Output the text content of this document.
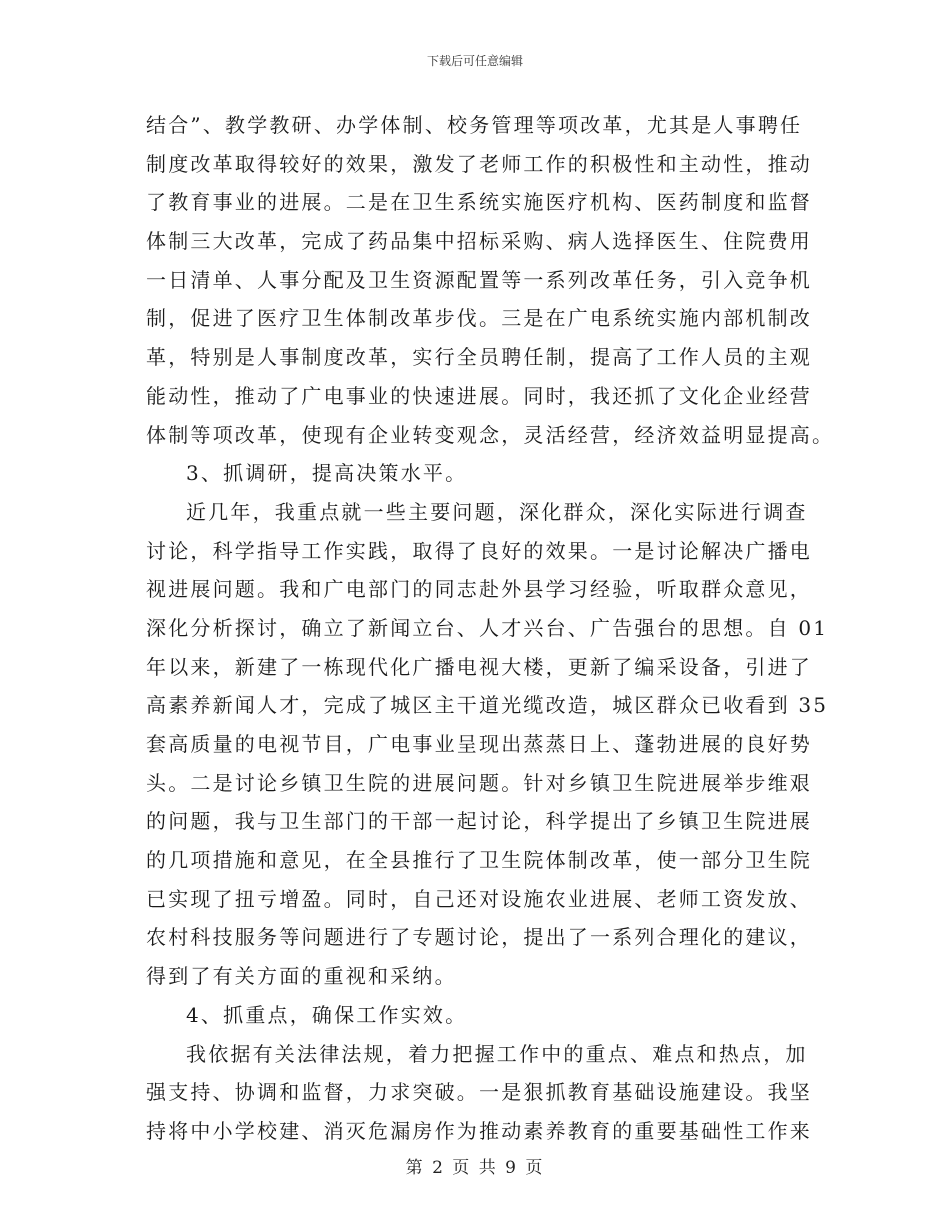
下载后可任意编辑
结合”、教学教研、办学体制、校务管理等项改革，尤其是人事聘任
制度改革取得较好的效果，激发了老师工作的积极性和主动性，推动
了教育事业的进展。二是在卫生系统实施医疗机构、医药制度和监督
体制三大改革，完成了药品集中招标采购、病人选择医生、住院费用
一日清单、人事分配及卫生资源配置等一系列改革任务，引入竞争机
制，促进了医疗卫生体制改革步伐。三是在广电系统实施内部机制改
革，特别是人事制度改革，实行全员聘任制，提高了工作人员的主观
能动性，推动了广电事业的快速进展。同时，我还抓了文化企业经营
体制等项改革，使现有企业转变观念，灵活经营，经济效益明显提高。
3、抓调研，提高决策水平。
近几年，我重点就一些主要问题，深化群众，深化实际进行调查
讨论，科学指导工作实践，取得了良好的效果。一是讨论解决广播电
视进展问题。我和广电部门的同志赴外县学习经验，听取群众意见，
深化分析探讨，确立了新闻立台、人才兴台、广告强台的思想。自 01
年以来，新建了一栋现代化广播电视大楼，更新了编采设备，引进了
高素养新闻人才，完成了城区主干道光缆改造，城区群众已收看到 35
套高质量的电视节目，广电事业呈现出蒸蒸日上、蓬勃进展的良好势
头。二是讨论乡镇卫生院的进展问题。针对乡镇卫生院进展举步维艰
的问题，我与卫生部门的干部一起讨论，科学提出了乡镇卫生院进展
的几项措施和意见，在全县推行了卫生院体制改革，使一部分卫生院
已实现了扭亏增盈。同时，自己还对设施农业进展、老师工资发放、
农村科技服务等问题进行了专题讨论，提出了一系列合理化的建议，
得到了有关方面的重视和采纳。
4、抓重点，确保工作实效。
我依据有关法律法规，着力把握工作中的重点、难点和热点，加
强支持、协调和监督，力求突破。一是狠抓教育基础设施建设。我坚
持将中小学校建、消灭危漏房作为推动素养教育的重要基础性工作来
第 2 页 共 9 页
